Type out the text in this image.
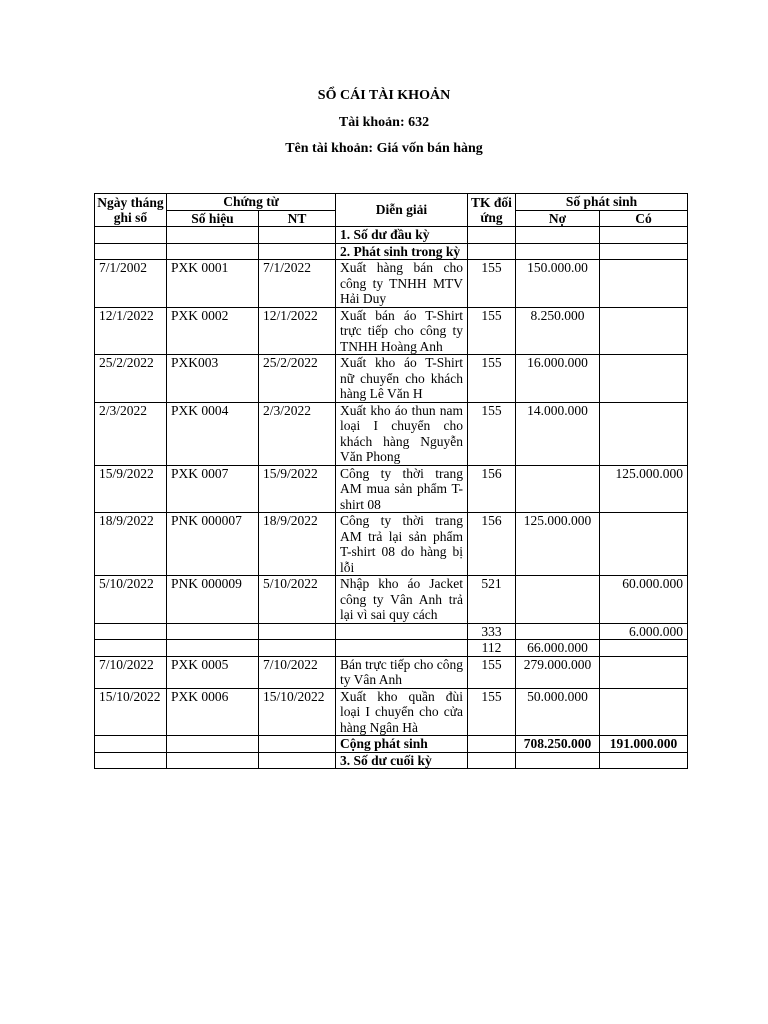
SỔ CÁI TÀI KHOẢN
Tài khoản: 632
Tên tài khoản: Giá vốn bán hàng
Ngày tháng ghi sổ	Chứng từ		Diễn giải	TK đối ứng	Số phát sinh	
	Số hiệu	NT			Nợ	Có
			1. Số dư đầu kỳ			
			2. Phát sinh trong kỳ			
7/1/2002	PXK 0001	7/1/2022	Xuất hàng bán cho công ty TNHH MTV Hải Duy	155	150.000.00	
12/1/2022	PXK 0002	12/1/2022	Xuất bán áo T-Shirt trực tiếp cho công ty TNHH Hoàng Anh	155	8.250.000	
25/2/2022	PXK003	25/2/2022	Xuất kho áo T-Shirt nữ chuyển cho khách hàng Lê Văn H	155	16.000.000	
2/3/2022	PXK 0004	2/3/2022	Xuất kho áo thun nam loại I chuyển cho khách hàng Nguyễn Văn Phong	155	14.000.000	
15/9/2022	PXK 0007	15/9/2022	Công ty thời trang AM mua sản phẩm T-shirt 08	156		125.000.000
18/9/2022	PNK 000007	18/9/2022	Công ty thời trang AM trả lại sản phẩm T-shirt 08 do hàng bị lỗi	156	125.000.000	
5/10/2022	PNK 000009	5/10/2022	Nhập kho áo Jacket công ty Vân Anh trả lại vì sai quy cách	521		60.000.000
				333		6.000.000
				112	66.000.000	
7/10/2022	PXK 0005	7/10/2022	Bán trực tiếp cho công ty Vân Anh	155	279.000.000	
15/10/2022	PXK 0006	15/10/2022	Xuất kho quần đùi loại I chuyển cho cửa hàng Ngân Hà	155	50.000.000	
			Cộng phát sinh		708.250.000	191.000.000
			3. Số dư cuối kỳ			
